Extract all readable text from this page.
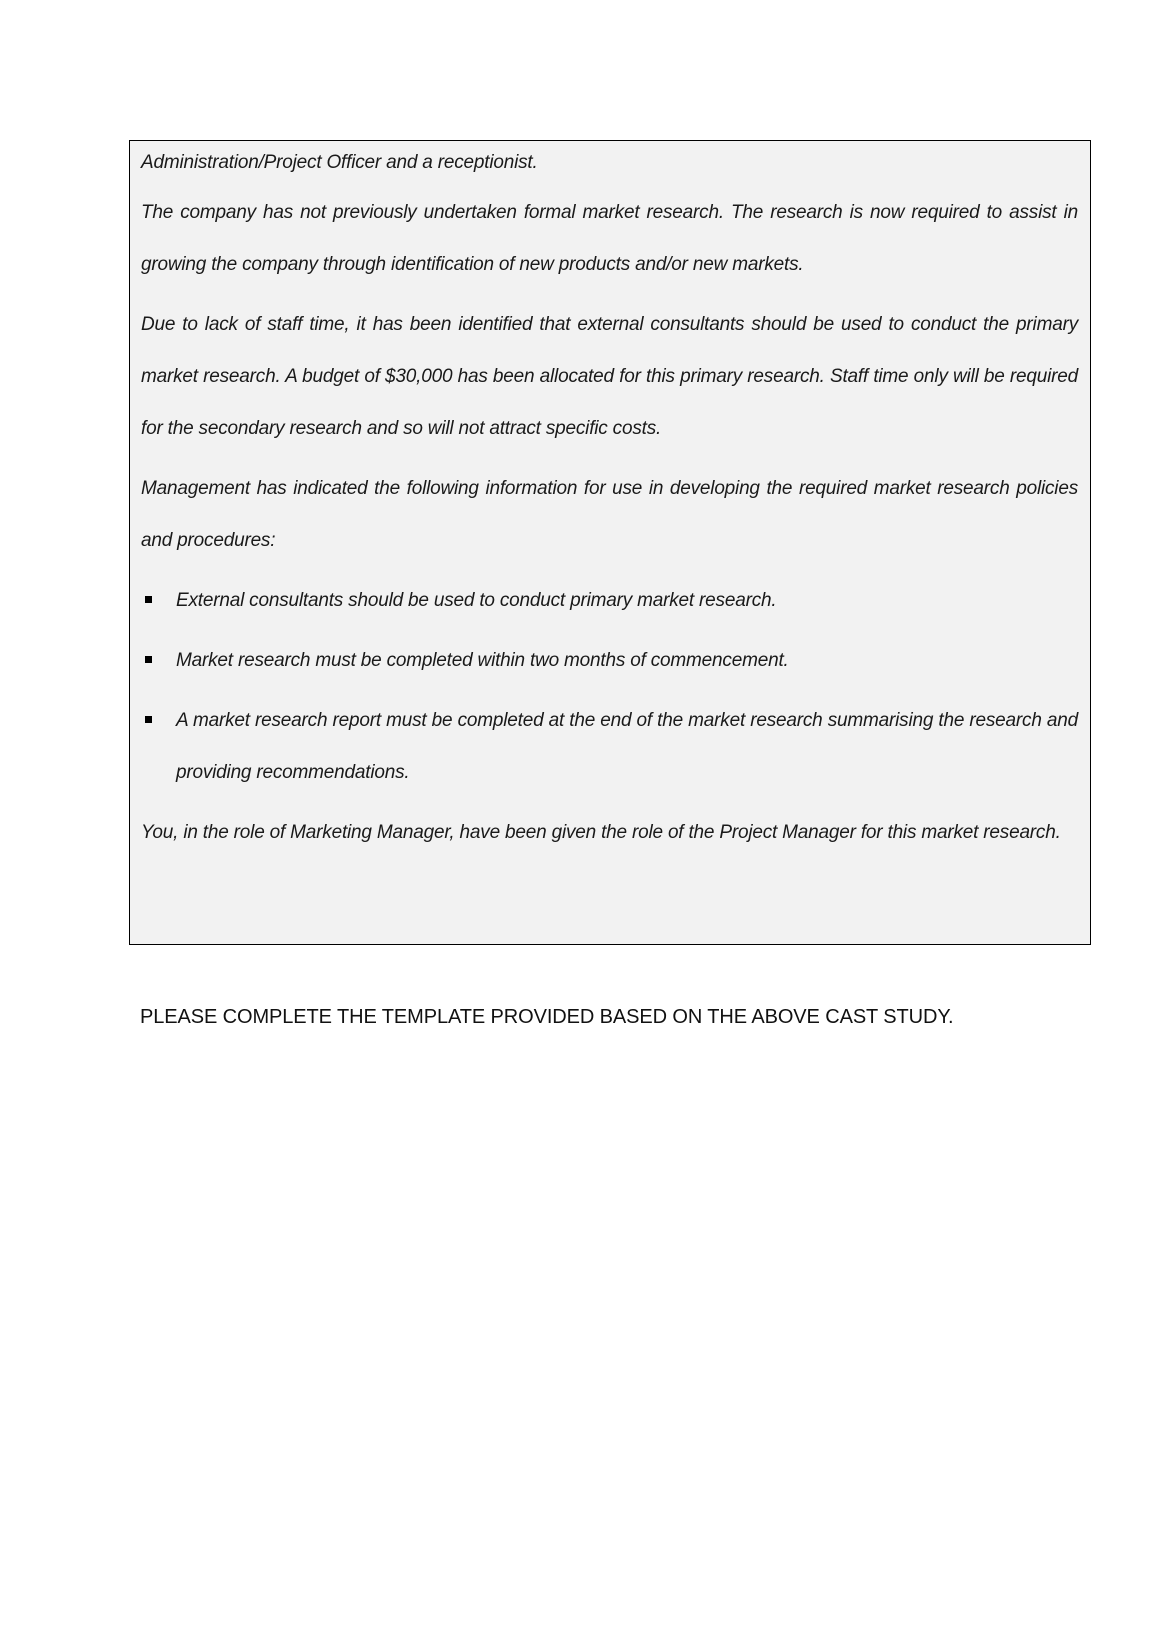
Administration/Project Officer and a receptionist.

The company has not previously undertaken formal market research. The research is now required to assist in growing the company through identification of new products and/or new markets.

Due to lack of staff time, it has been identified that external consultants should be used to conduct the primary market research. A budget of $30,000 has been allocated for this primary research. Staff time only will be required for the secondary research and so will not attract specific costs.

Management has indicated the following information for use in developing the required market research policies and procedures:

External consultants should be used to conduct primary market research.
Market research must be completed within two months of commencement.
A market research report must be completed at the end of the market research summarising the research and providing recommendations.

You, in the role of Marketing Manager, have been given the role of the Project Manager for this market research.

PLEASE COMPLETE THE TEMPLATE PROVIDED BASED ON THE ABOVE CAST STUDY.
